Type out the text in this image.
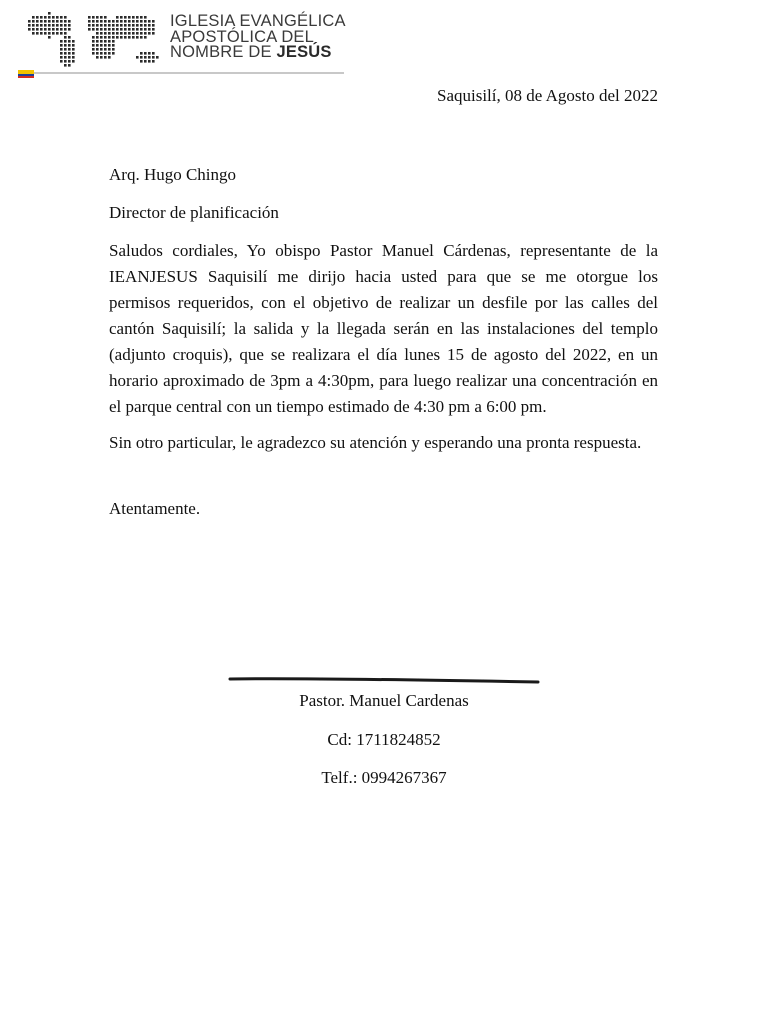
IGLESIA EVANGÉLICA
APOSTÓLICA DEL
NOMBRE DE JESÚS
Saquisilí, 08 de Agosto del 2022

Arq. Hugo Chingo

Director de planificación

Saludos cordiales, Yo obispo Pastor Manuel Cárdenas, representante de la IEANJESUS Saquisilí me dirijo hacia usted para que se me otorgue los permisos requeridos, con el objetivo de realizar un desfile por las calles del cantón Saquisilí; la salida y la llegada serán en las instalaciones del templo (adjunto croquis), que se realizara el día lunes 15 de agosto del 2022, en un horario aproximado de 3pm a 4:30pm, para luego realizar una concentración en el parque central con un tiempo estimado de 4:30 pm a 6:00 pm.

Sin otro particular, le agradezco su atención y esperando una pronta respuesta.

Atentamente.

Pastor. Manuel Cardenas
Cd: 1711824852
Telf.: 0994267367
